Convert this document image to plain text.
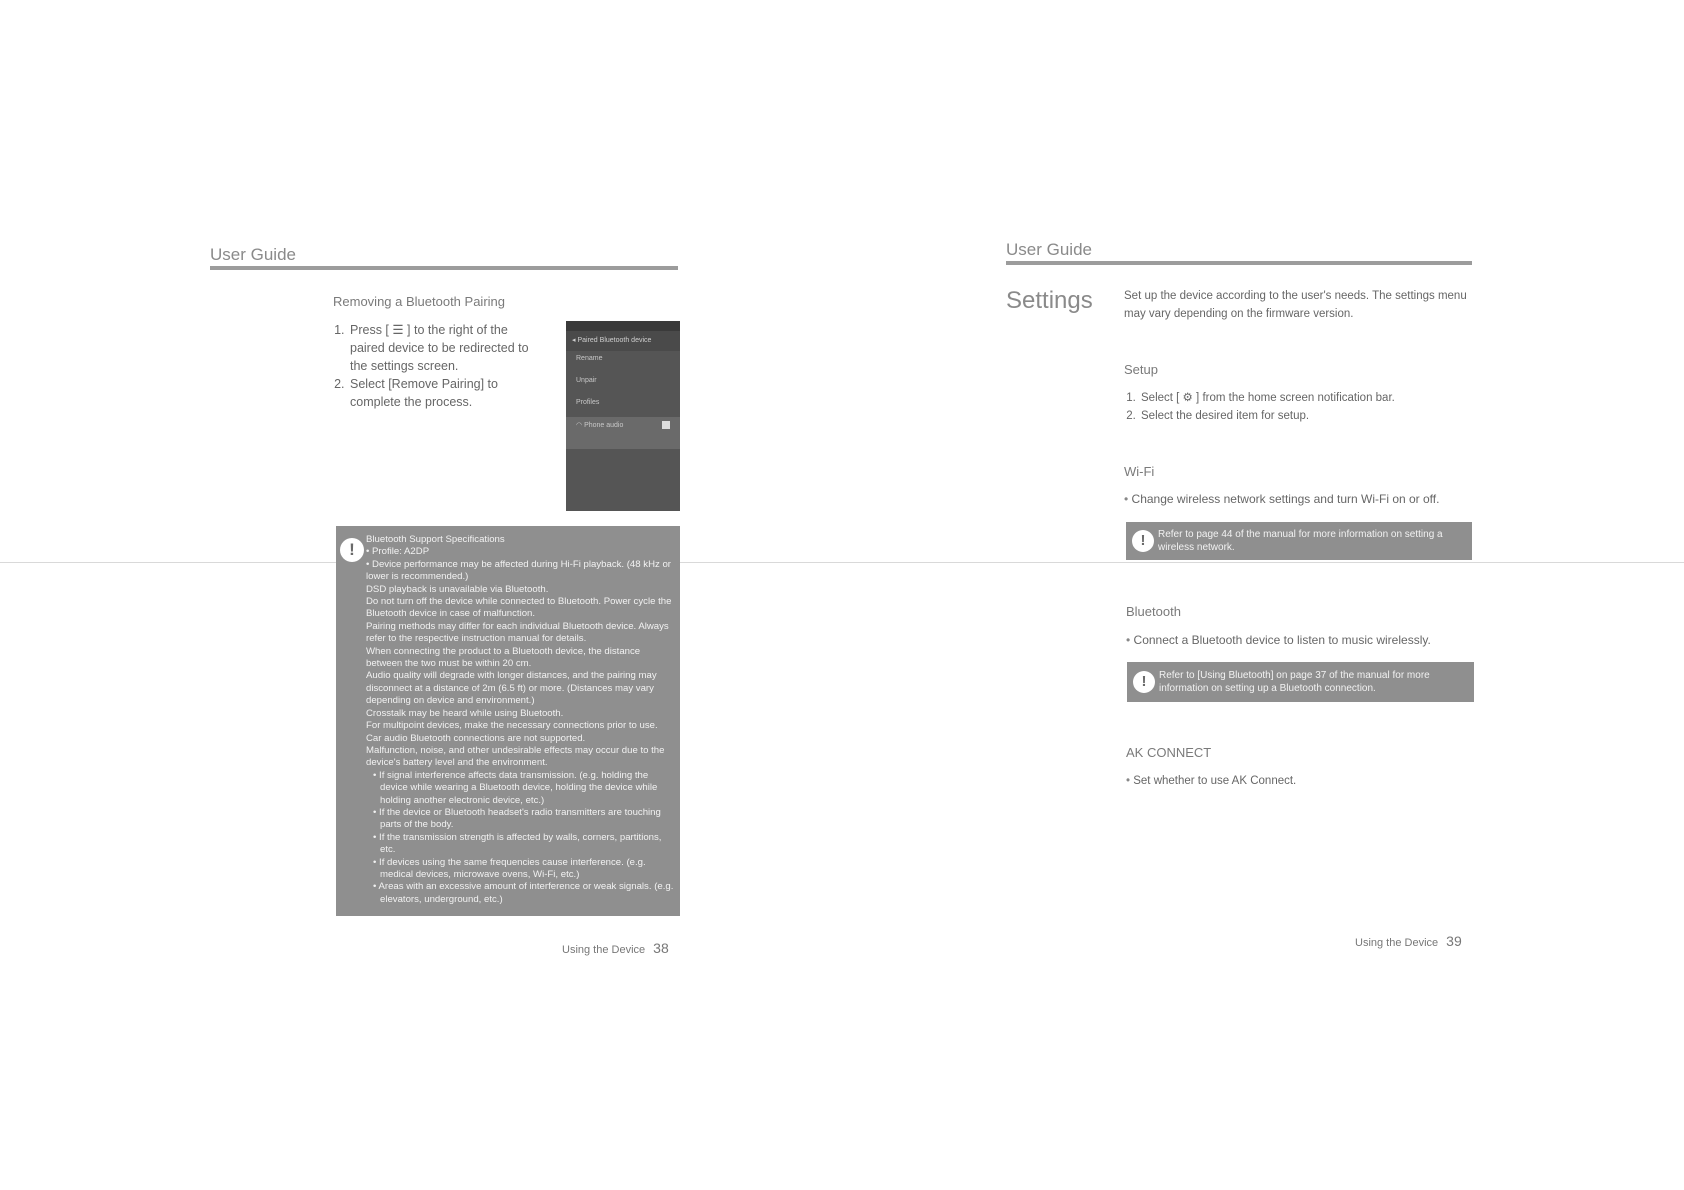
User Guide
Removing a Bluetooth Pairing
1. Press [ ☰ ] to the right of the paired device to be redirected to the settings screen.
2. Select [Remove Pairing] to complete the process.
◂ Paired Bluetooth device
Rename
Unpair
Profiles
◠ Phone audio
!
Bluetooth Support Specifications
• Profile: A2DP
• Device performance may be affected during Hi-Fi playback. (48 kHz or lower is recommended.)
DSD playback is unavailable via Bluetooth.
Do not turn off the device while connected to Bluetooth. Power cycle the Bluetooth device in case of malfunction.
Pairing methods may differ for each individual Bluetooth device. Always refer to the respective instruction manual for details.
When connecting the product to a Bluetooth device, the distance between the two must be within 20 cm.
Audio quality will degrade with longer distances, and the pairing may disconnect at a distance of 2m (6.5 ft) or more. (Distances may vary depending on device and environment.)
Crosstalk may be heard while using Bluetooth.
For multipoint devices, make the necessary connections prior to use.
Car audio Bluetooth connections are not supported.
Malfunction, noise, and other undesirable effects may occur due to the device's battery level and the environment.
• If signal interference affects data transmission. (e.g. holding the device while wearing a Bluetooth device, holding the device while holding another electronic device, etc.)
• If the device or Bluetooth headset's radio transmitters are touching parts of the body.
• If the transmission strength is affected by walls, corners, partitions, etc.
• If devices using the same frequencies cause interference. (e.g. medical devices, microwave ovens, Wi-Fi, etc.)
• Areas with an excessive amount of interference or weak signals. (e.g. elevators, underground, etc.)
Using the Device 38
User Guide
Settings	Set up the device according to the user's needs. The settings menu may vary depending on the firmware version.
Setup
1. Select [ ⚙ ] from the home screen notification bar.
2. Select the desired item for setup.
Wi-Fi
• Change wireless network settings and turn Wi-Fi on or off.
!	Refer to page 44 of the manual for more information on setting a wireless network.
Bluetooth
• Connect a Bluetooth device to listen to music wirelessly.
!	Refer to [Using Bluetooth] on page 37 of the manual for more information on setting up a Bluetooth connection.
AK CONNECT
• Set whether to use AK Connect.
Using the Device 39
